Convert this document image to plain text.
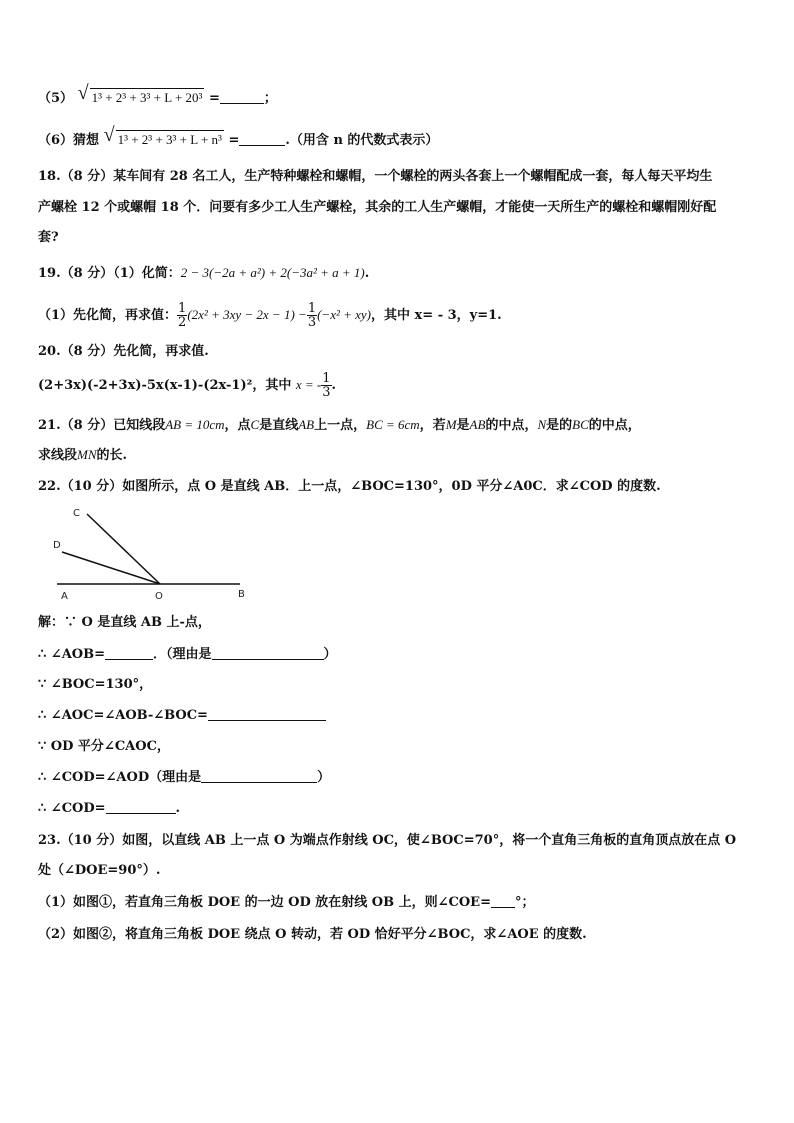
（5） √ 1³ + 2³ + 3³ + L + 20³ =	；
（6）猜想 √ 1³ + 2³ + 3³ + L + n³ =	.（用含 n 的代数式表示）
18.（8 分）某车间有 28 名工人，生产特种螺栓和螺帽，一个螺栓的两头各套上一个螺帽配成一套，每人每天平均生
产螺栓 12 个或螺帽 18 个．问要有多少工人生产螺栓，其余的工人生产螺帽，才能使一天所生产的螺栓和螺帽刚好配
套?
19.（8 分）（1）化简：2 − 3(−2a + a²) + 2(−3a² + a + 1).
（1）先化简，再求值： $\frac{1}{2} (2x^2 + 3xy - 2x - 1) - \frac{1}{3} (-x^2 + xy)$，其中 x= - 3，y=1.
20.（8 分）先化简，再求值.
(2+3x)(-2+3x)-5x(x-1)-(2x-1)²，其中 x = - $\frac{1}{3}$ .
21.（8 分）已知线段AB = 10cm，点C是直线AB上一点，BC = 6cm，若M是AB的中点，N是的BC的中点，
求线段MN的长.
22.（10 分）如图所示，点 O 是直线 AB．上一点，∠BOC=130°，0D 平分∠A0C．求∠COD 的度数.
C
D
A	O	B
解：∵ O 是直线 AB 上-点，
∴ ∠AOB=	．（理由是	）
∵ ∠BOC=130°，
∴ ∠AOC=∠AOB-∠BOC=
∵ OD 平分∠CAOC，
∴ ∠COD=∠AOD（理由是	）
∴ ∠COD=	.
23.（10 分）如图，以直线 AB 上一点 O 为端点作射线 OC，使∠BOC=70°，将一个直角三角板的直角顶点放在点 O
处（∠DOE=90°）.
（1）如图①，若直角三角板 DOE 的一边 OD 放在射线 OB 上，则∠COE= °；
（2）如图②，将直角三角板 DOE 绕点 O 转动，若 OD 恰好平分∠BOC，求∠AOE 的度数.
